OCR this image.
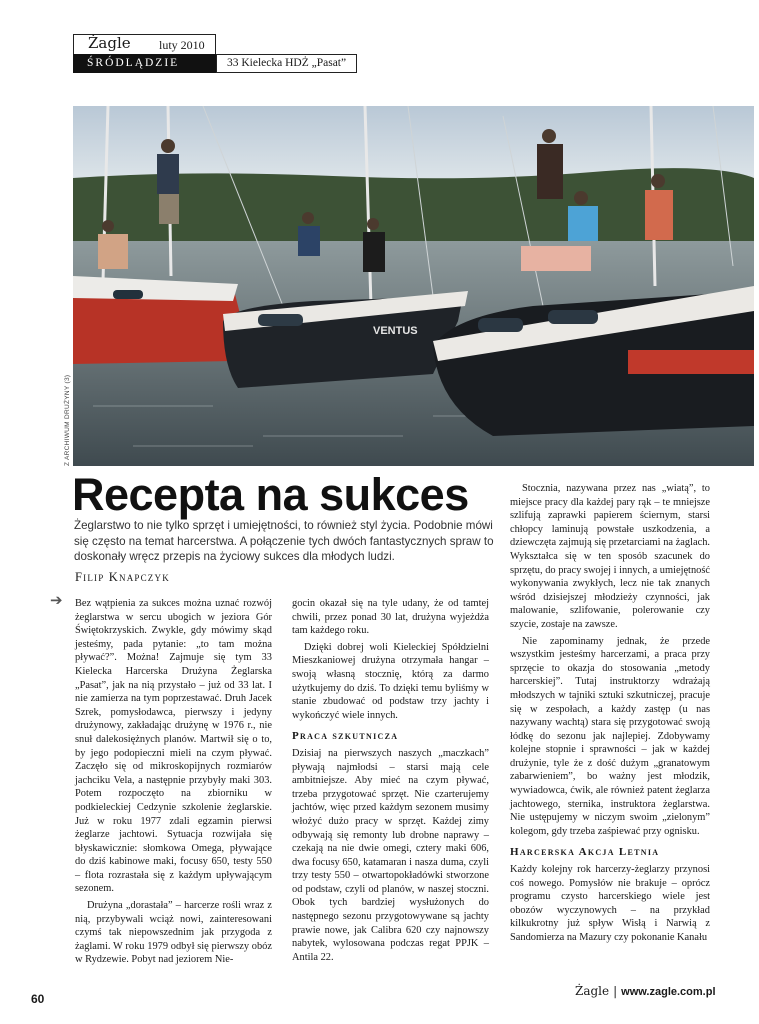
Żagle luty 2010
ŚRÓDLĄDZIE	33 Kielecka HDŻ „Pasat”
VENTUS
Z ARCHIWUM DRUŻYNY (3)
Recepta na sukces

Żeglarstwo to nie tylko sprzęt i umiejętności, to również styl życia. Podobnie mówi się często na temat harcerstwa. A połączenie tych dwóch fantastycznych spraw to doskonały wręcz przepis na życiowy sukces dla młodych ludzi.

Filip Knapczyk
➔ Bez wątpienia za sukces można uznać rozwój żeglarstwa w sercu ubogich w jeziora Gór Świętokrzyskich. Zwykle, gdy mówimy skąd jesteśmy, pada pytanie: „to tam można pływać?”. Można! Zajmuje się tym 33 Kielecka Harcerska Drużyna Żeglarska „Pasat”, jak na nią przystało – już od 33 lat. I nie zamierza na tym poprzestawać. Druh Jacek Szrek, pomysłodawca, pierwszy i jedyny drużynowy, zakładając drużynę w 1976 r., nie snuł dalekosiężnych planów. Martwił się o to, by jego podopieczni mieli na czym pływać. Zaczęło się od mikroskopijnych rozmiarów jachciku Vela, a następnie przybyły maki 303. Potem rozpoczęto na zbiorniku w podkieleckiej Cedzynie szkolenie żeglarskie. Już w roku 1977 zdali egzamin pierwsi żeglarze jachtowi. Sytuacja rozwijała się błyskawicznie: słomkowa Omega, pływające do dziś kabinowe maki, focusy 650, testy 550 – flota rozrastała się z każdym upływającym sezonem.

Drużyna „dorastała” – harcerze rośli wraz z nią, przybywali wciąż nowi, zainteresowani czymś tak niepowszednim jak przygoda z żaglami. W roku 1979 odbył się pierwszy obóz w Rydzewie. Pobyt nad jeziorem Nie-

gocin okazał się na tyle udany, że od tamtej chwili, przez ponad 30 lat, drużyna wyjeżdża tam każdego roku.

Dzięki dobrej woli Kieleckiej Spółdzielni Mieszkaniowej drużyna otrzymała hangar – swoją własną stocznię, którą za darmo użytkujemy do dziś. To dzięki temu byliśmy w stanie zbudować od podstaw trzy jachty i wykończyć wiele innych.

Praca szkutnicza

Dzisiaj na pierwszych naszych „maczkach” pływają najmłodsi – starsi mają cele ambitniejsze. Aby mieć na czym pływać, trzeba przygotować sprzęt. Nie czarterujemy jachtów, więc przed każdym sezonem musimy włożyć dużo pracy w sprzęt. Każdej zimy odbywają się remonty lub drobne naprawy – czekają na nie dwie omegi, cztery maki 606, dwa focusy 650, katamaran i nasza duma, czyli trzy testy 550 – otwartopokładówki stworzone od podstaw, czyli od planów, w naszej stoczni. Obok tych bardziej wysłużonych do następnego sezonu przygotowywane są jachty prawie nowe, jak Calibra 620 czy najnowszy nabytek, wylosowana podczas regat PPJK – Antila 22.

Stocznia, nazywana przez nas „wiatą”, to miejsce pracy dla każdej pary rąk – te mniejsze szlifują zaprawki papierem ściernym, starsi chłopcy laminują powstałe uszkodzenia, a dziewczęta zajmują się przetarciami na żaglach. Wykształca się w ten sposób szacunek do sprzętu, do pracy swojej i innych, a umiejętność wykonywania zwykłych, lecz nie tak znanych wśród dzisiejszej młodzieży czynności, jak malowanie, szlifowanie, polerowanie czy szycie, zostaje na zawsze.

Nie zapominamy jednak, że przede wszystkim jesteśmy harcerzami, a praca przy sprzęcie to okazja do stosowania „metody harcerskiej”. Tutaj instruktorzy wdrażają młodszych w tajniki sztuki szkutniczej, pracuje się w zespołach, a każdy zastęp (u nas nazywany wachtą) stara się przygotować swoją łódkę do sezonu jak najlepiej. Zdobywamy kolejne stopnie i sprawności – jak w każdej drużynie, tyle że z dość dużym „granatowym zabarwieniem”, bo ważny jest młodzik, wywiadowca, ćwik, ale również patent żeglarza jachtowego, sternika, instruktora żeglarstwa. Nie ustępujemy w niczym swoim „zielonym” kolegom, gdy trzeba zaśpiewać przy ognisku.

Harcerska Akcja Letnia

Każdy kolejny rok harcerzy-żeglarzy przynosi coś nowego. Pomysłów nie brakuje – oprócz programu czysto harcerskiego wiele jest obozów wyczynowych – na przykład kilkukrotny już spływ Wisłą i Narwią z Sandomierza na Mazury czy pokonanie Kanału

60
Żagle | www.zagle.com.pl
